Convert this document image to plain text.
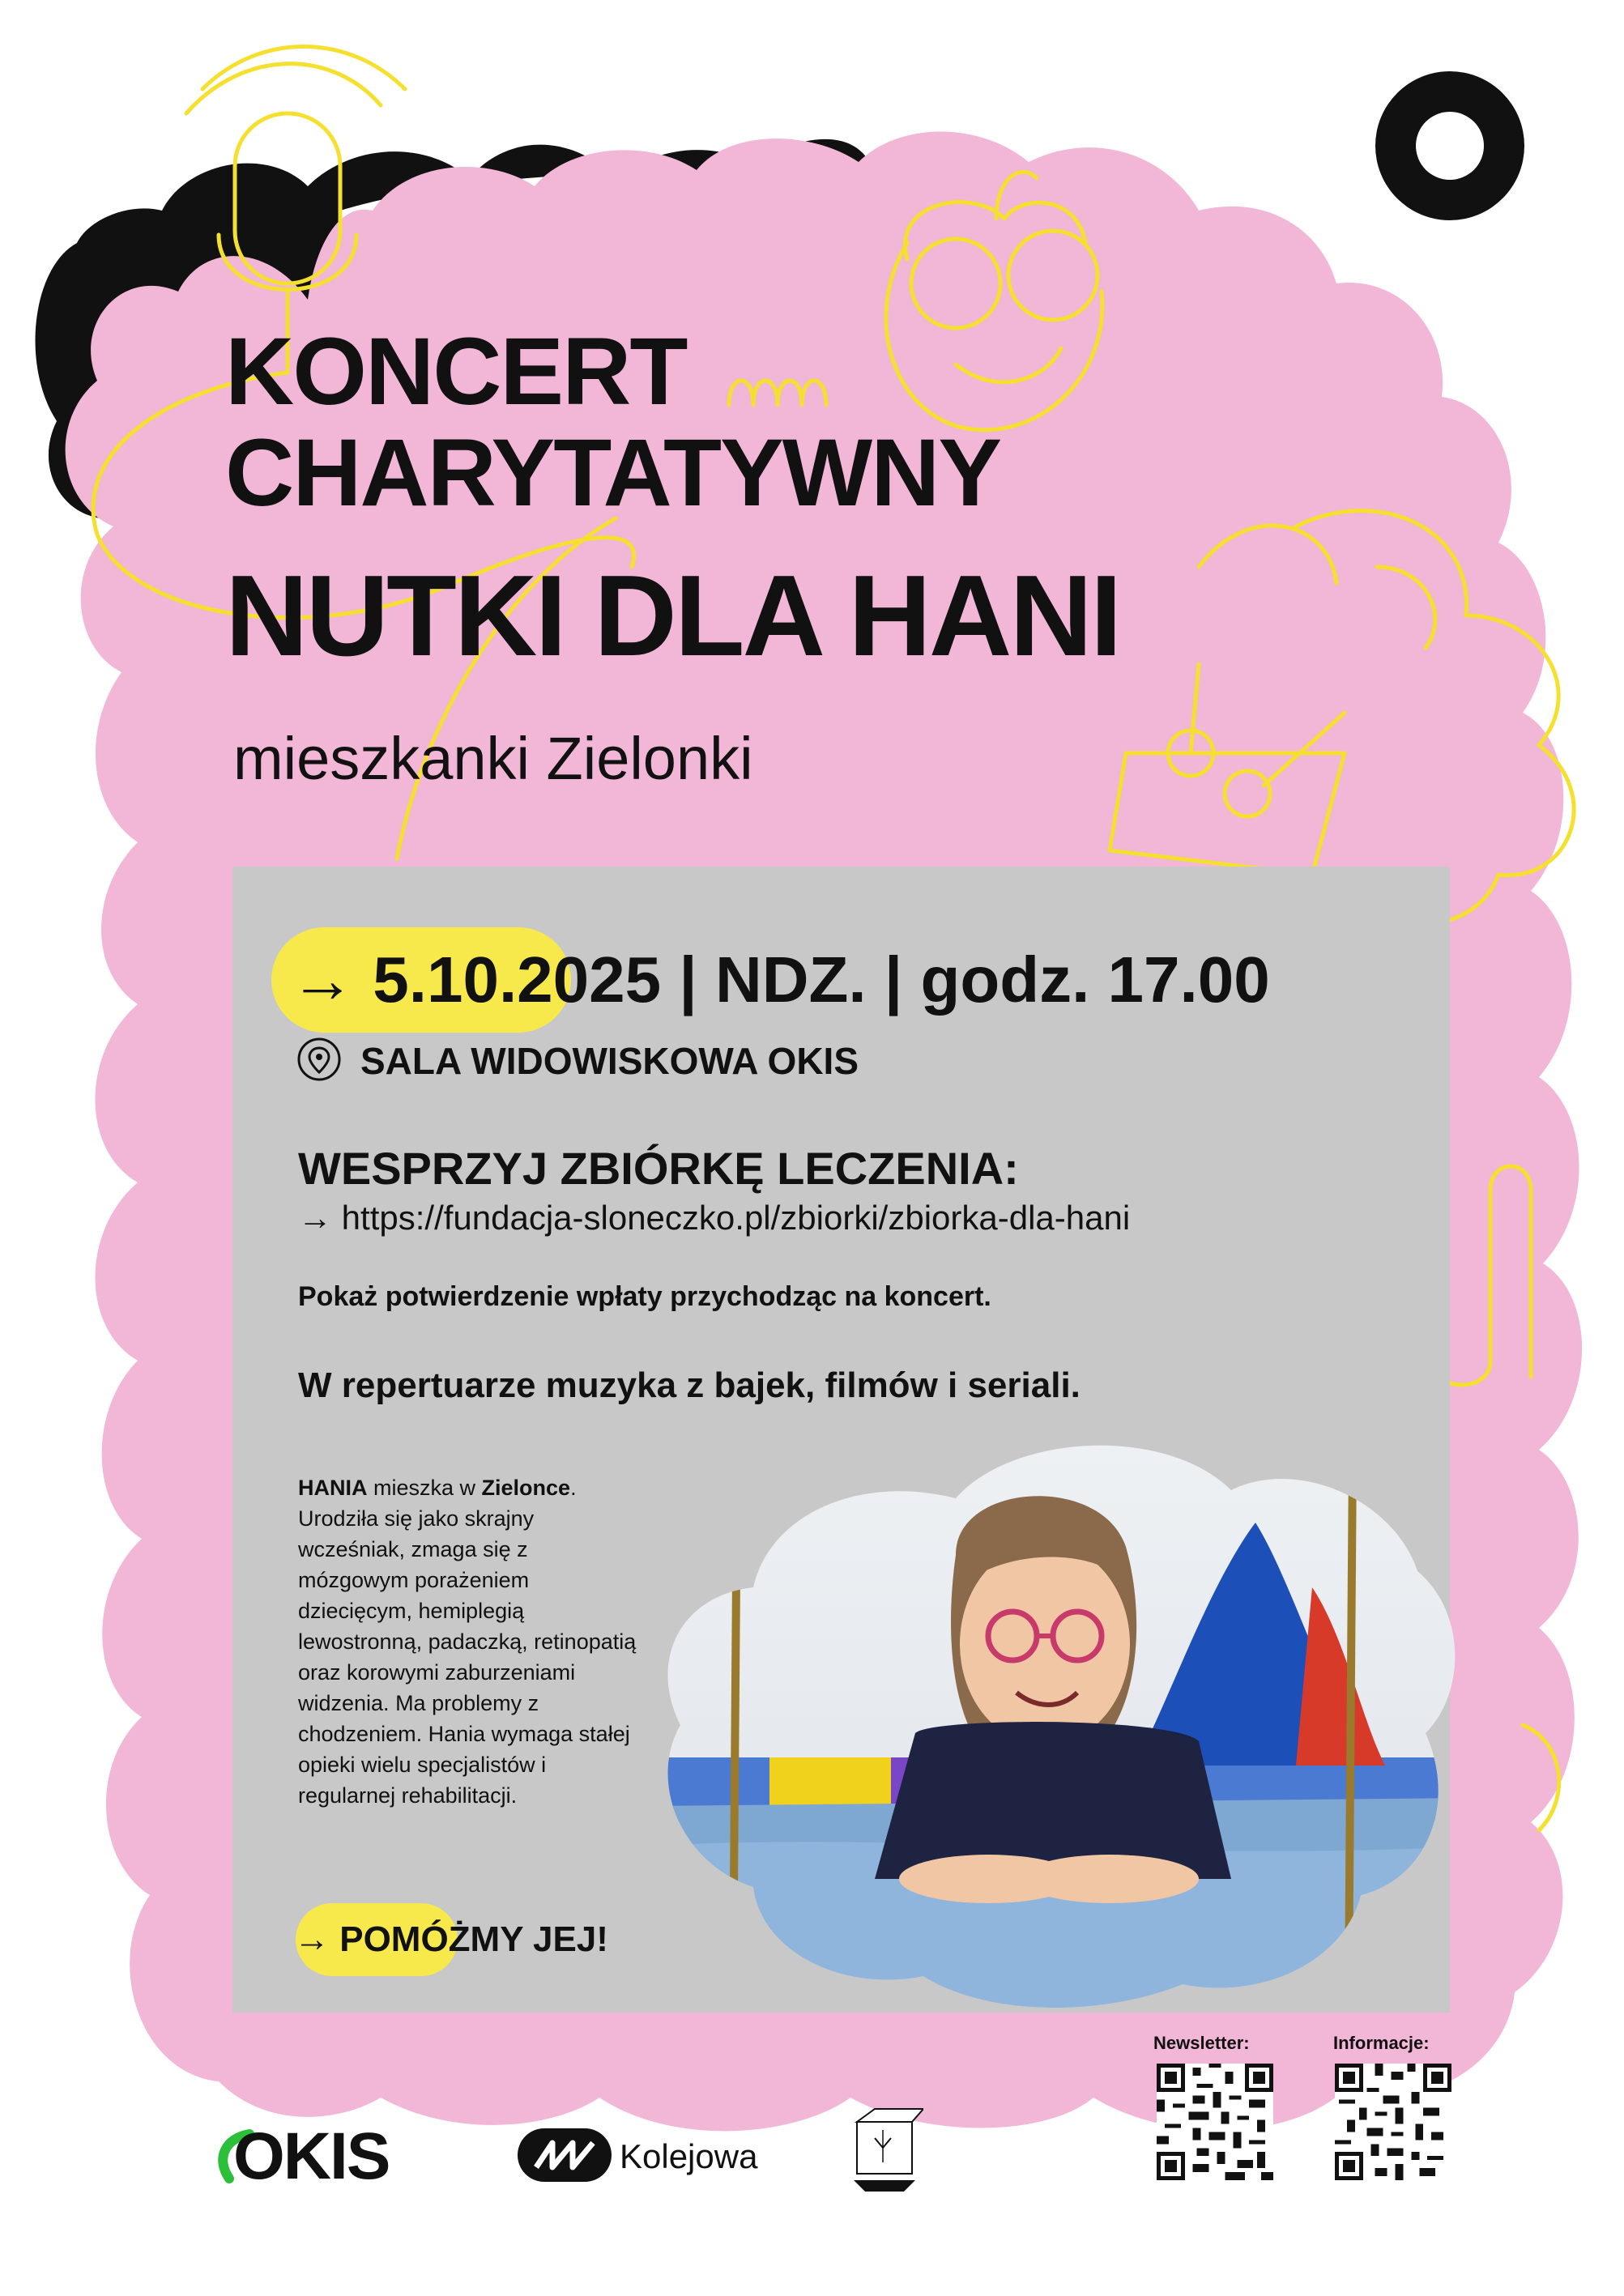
KONCERT
CHARYTATYWNY
NUTKI DLA HANI
mieszkanki Zielonki
→ 5.10.2025 | NDZ. | godz. 17.00
SALA WIDOWISKOWA OKIS
WESPRZYJ ZBIÓRKĘ LECZENIA:
→ https://fundacja-sloneczko.pl/zbiorki/zbiorka-dla-hani
Pokaż potwierdzenie wpłaty przychodząc na koncert.
W repertuarze muzyka z bajek, filmów i seriali.
HANIA mieszka w Zielonce. Urodziła się jako skrajny wcześniak, zmaga się z mózgowym porażeniem dziecięcym, hemiplegią lewostronną, padaczką, retinopatią oraz korowymi zaburzeniami widzenia. Ma problemy z chodzeniem. Hania wymaga stałej opieki wielu specjalistów i regularnej rehabilitacji.
→ POMÓŻMY JEJ!
Newsletter:	Informacje:
OKIS	Kolejowa
